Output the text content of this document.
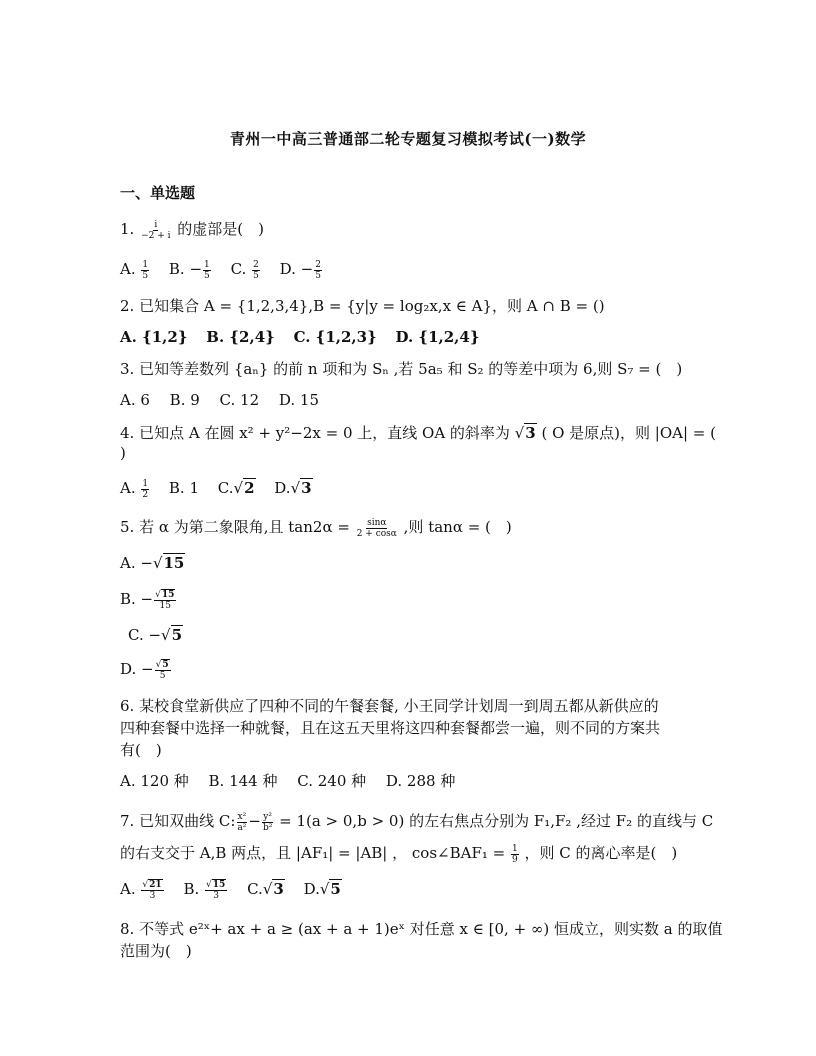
青州一中高三普通部二轮专题复习模拟考试(一)数学
一、单选题
1. $\frac{i}{-2 + i}$ 的虚部是(　)
A. $\frac{1}{5} B$. − $\frac{1}{5} C$. $\frac{2}{5} D$. − $\frac{2}{5}$
2. 已知集合 A = {1,2,3,4},B = {y|y = log₂x,x ∈ A}，则 A ∩ B = ()
A. {1,2} B. {2,4} C. {1,2,3} D. {1,2,4}
3. 已知等差数列 {aₙ} 的前 n 项和为 Sₙ ,若 5a₅ 和 S₂ 的等差中项为 6,则 S₇ = (　)
A. 6　 B. 9　 C. 12　 D. 15
4. 已知点 A 在圆 x² + y²−2x = 0 上，直线 OA 的斜率为 √3 ( O 是原点)，则 |OA| = (
)
A. $\frac{1}{2} B$. 1 C.√2 D.√3
5. 若 α 为第二象限角,且 $\tan 2\alpha = \frac{\sin\alpha}{2 + \cos\alpha}$ ,则 tanα = (　)
A. −√15
B. − $\frac{√15}{15}$
C. −√5
D. − $\frac{√5}{5}$
6. 某校食堂新供应了四种不同的午餐套餐, 小王同学计划周一到周五都从新供应的
四种套餐中选择一种就餐，且在这五天里将这四种套餐都尝一遍，则不同的方案共
有(　)
A. 120 种　 B. 144 种　 C. 240 种　 D. 288 种
7. 已知双曲线 C: $\frac{\text{x²}}{\text{a²}} - \frac{\text{y²}}{\text{b²}} = 1(a > 0,b > 0)$ 的左右焦点分别为 F₁,F₂ ,经过 F₂ 的直线与 C
的右支交于 A,B 两点，且 |AF₁| = |AB| ， cos∠BAF₁ = $\frac{1}{9}$ ，则 C 的离心率是(　)
A. $\frac{√21}{3} B$. $\frac{√15}{3} C.√3$ D.√5
8. 不等式 e²ˣ+ ax + a ≥ (ax + a + 1)eˣ 对任意 x ∈ [0, + ∞) 恒成立，则实数 a 的取值
范围为(　)
